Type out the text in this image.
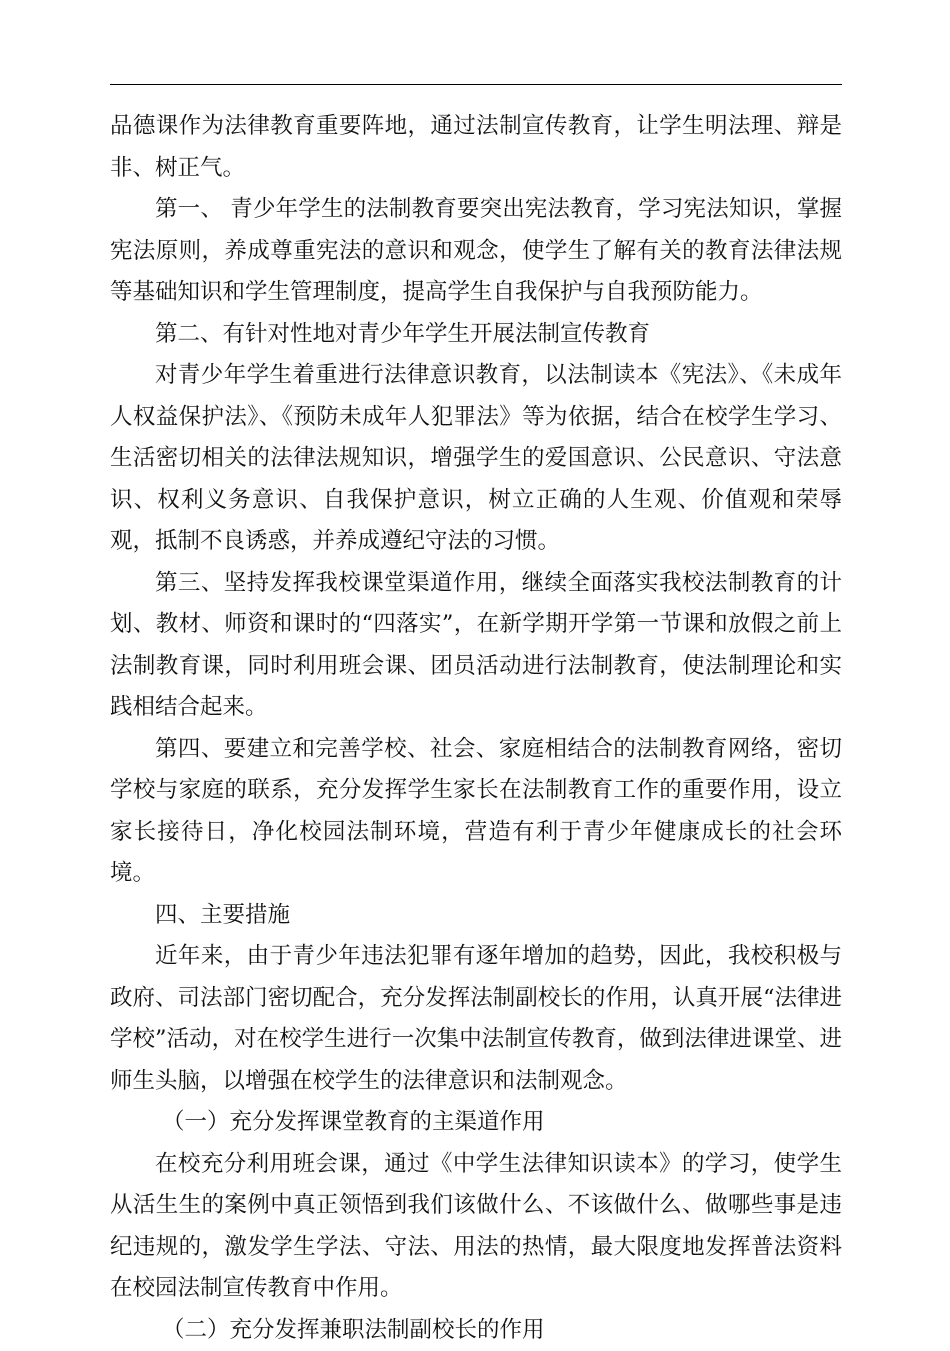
品德课作为法律教育重要阵地，通过法制宣传教育，让学生明法理、辩是非、树正气。

第一、 青少年学生的法制教育要突出宪法教育，学习宪法知识，掌握宪法原则，养成尊重宪法的意识和观念，使学生了解有关的教育法律法规等基础知识和学生管理制度，提高学生自我保护与自我预防能力。

第二、有针对性地对青少年学生开展法制宣传教育

对青少年学生着重进行法律意识教育，以法制读本《宪法》、《未成年人权益保护法》、《预防未成年人犯罪法》等为依据，结合在校学生学习、生活密切相关的法律法规知识，增强学生的爱国意识、公民意识、守法意识、权利义务意识、自我保护意识，树立正确的人生观、价值观和荣辱观，抵制不良诱惑，并养成遵纪守法的习惯。

第三、坚持发挥我校课堂渠道作用，继续全面落实我校法制教育的计划、教材、师资和课时的“四落实”，在新学期开学第一节课和放假之前上法制教育课，同时利用班会课、团员活动进行法制教育，使法制理论和实践相结合起来。

第四、要建立和完善学校、社会、家庭相结合的法制教育网络，密切学校与家庭的联系，充分发挥学生家长在法制教育工作的重要作用，设立家长接待日，净化校园法制环境，营造有利于青少年健康成长的社会环境。

四、主要措施

近年来，由于青少年违法犯罪有逐年增加的趋势，因此，我校积极与政府、司法部门密切配合，充分发挥法制副校长的作用，认真开展“法律进学校”活动，对在校学生进行一次集中法制宣传教育，做到法律进课堂、进师生头脑，以增强在校学生的法律意识和法制观念。

（一）充分发挥课堂教育的主渠道作用

在校充分利用班会课，通过《中学生法律知识读本》的学习，使学生从活生生的案例中真正领悟到我们该做什么、不该做什么、做哪些事是违纪违规的，激发学生学法、守法、用法的热情，最大限度地发挥普法资料在校园法制宣传教育中作用。

（二）充分发挥兼职法制副校长的作用
